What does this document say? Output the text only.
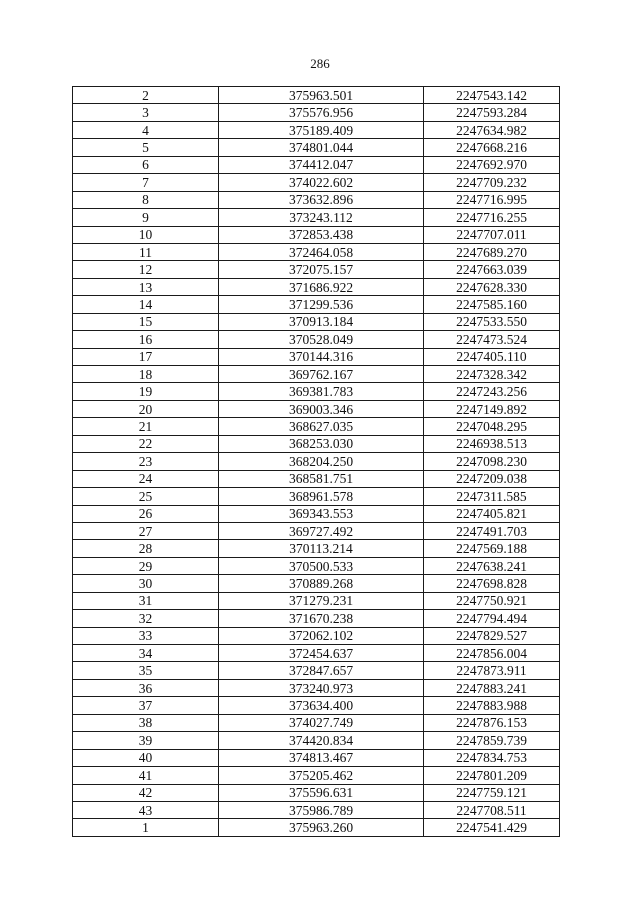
286
2	375963.501	2247543.142
3	375576.956	2247593.284
4	375189.409	2247634.982
5	374801.044	2247668.216
6	374412.047	2247692.970
7	374022.602	2247709.232
8	373632.896	2247716.995
9	373243.112	2247716.255
10	372853.438	2247707.011
11	372464.058	2247689.270
12	372075.157	2247663.039
13	371686.922	2247628.330
14	371299.536	2247585.160
15	370913.184	2247533.550
16	370528.049	2247473.524
17	370144.316	2247405.110
18	369762.167	2247328.342
19	369381.783	2247243.256
20	369003.346	2247149.892
21	368627.035	2247048.295
22	368253.030	2246938.513
23	368204.250	2247098.230
24	368581.751	2247209.038
25	368961.578	2247311.585
26	369343.553	2247405.821
27	369727.492	2247491.703
28	370113.214	2247569.188
29	370500.533	2247638.241
30	370889.268	2247698.828
31	371279.231	2247750.921
32	371670.238	2247794.494
33	372062.102	2247829.527
34	372454.637	2247856.004
35	372847.657	2247873.911
36	373240.973	2247883.241
37	373634.400	2247883.988
38	374027.749	2247876.153
39	374420.834	2247859.739
40	374813.467	2247834.753
41	375205.462	2247801.209
42	375596.631	2247759.121
43	375986.789	2247708.511
1	375963.260	2247541.429
